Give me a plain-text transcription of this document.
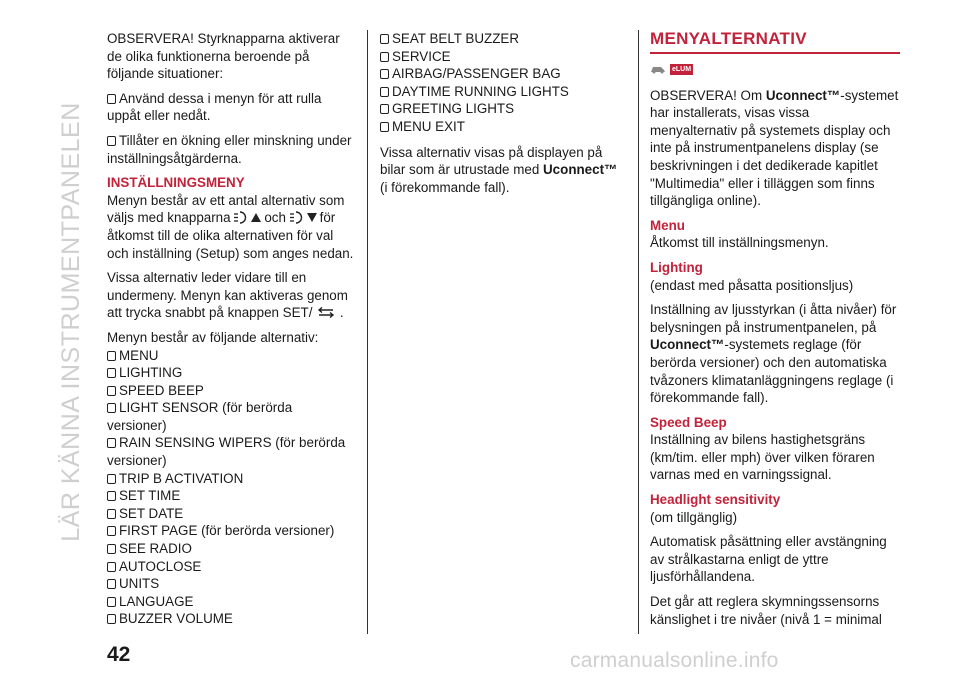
LÄR KÄNNA INSTRUMENTPANELEN

OBSERVERA! Styrknapparna aktiverar de olika funktionerna beroende på följande situationer:

Använd dessa i menyn för att rulla uppåt eller nedåt.

Tillåter en ökning eller minskning under inställningsåtgärderna.

INSTÄLLNINGSMENY

Menyn består av ett antal alternativ som väljs med knapparna	och	för åtkomst till de olika alternativen för val och inställning (Setup) som anges nedan.

Vissa alternativ leder vidare till en undermeny. Menyn kan aktiveras genom att trycka snabbt på knappen SET/ .

Menyn består av följande alternativ:

MENU
LIGHTING
SPEED BEEP
LIGHT SENSOR (för berörda versioner)
RAIN SENSING WIPERS (för berörda versioner)
TRIP B ACTIVATION
SET TIME
SET DATE
FIRST PAGE (för berörda versioner)
SEE RADIO
AUTOCLOSE
UNITS
LANGUAGE
BUZZER VOLUME
SEAT BELT BUZZER
SERVICE
AIRBAG/PASSENGER BAG
DAYTIME RUNNING LIGHTS
GREETING LIGHTS
MENU EXIT

Vissa alternativ visas på displayen på bilar som är utrustade med Uconnect™ (i förekommande fall).

MENYALTERNATIV

eLUM

OBSERVERA! Om Uconnect™-systemet har installerats, visas vissa menyalternativ på systemets display och inte på instrumentpanelens display (se beskrivningen i det dedikerade kapitlet "Multimedia" eller i tilläggen som finns tillgängliga online).

Menu

Åtkomst till inställningsmenyn.

Lighting

(endast med påsatta positionsljus)

Inställning av ljusstyrkan (i åtta nivåer) för belysningen på instrumentpanelen, på Uconnect™-systemets reglage (för berörda versioner) och den automatiska tvåzoners klimatanläggningens reglage (i förekommande fall).

Speed Beep

Inställning av bilens hastighetsgräns (km/tim. eller mph) över vilken föraren varnas med en varningssignal.

Headlight sensitivity

(om tillgänglig)

Automatisk påsättning eller avstängning av strålkastarna enligt de yttre ljusförhållandena.

Det går att reglera skymningssensorns känslighet i tre nivåer (nivå 1 = minimal

42	carmanualsonline.info
